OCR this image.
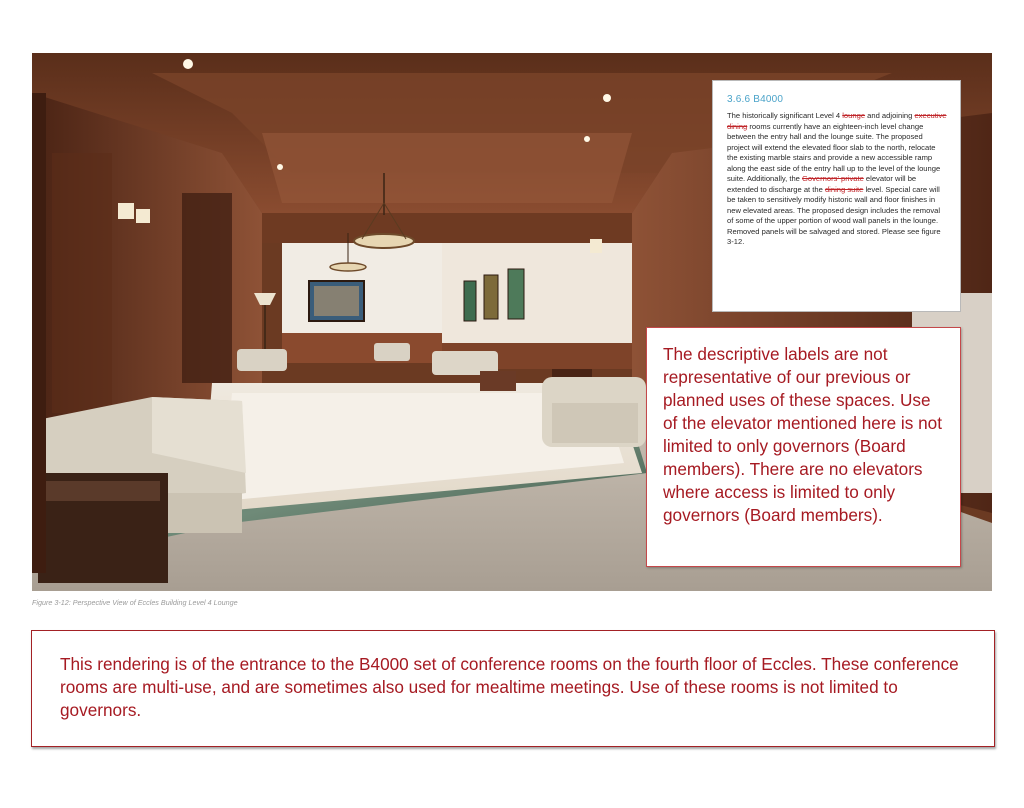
3.6.6 B4000

The historically significant Level 4 lounge and adjoining executive dining rooms currently have an eighteen-inch level change between the entry hall and the lounge suite. The proposed project will extend the elevated floor slab to the north, relocate the existing marble stairs and provide a new accessible ramp along the east side of the entry hall up to the level of the lounge suite. Additionally, the Governors' private elevator will be extended to discharge at the dining suite level. Special care will be taken to sensitively modify historic wall and floor finishes in new elevated areas. The proposed design includes the removal of some of the upper portion of wood wall panels in the lounge. Removed panels will be salvaged and stored. Please see figure 3-12.

The descriptive labels are not representative of our previous or planned uses of these spaces. Use of the elevator mentioned here is not limited to only governors (Board members). There are no elevators where access is limited to only governors (Board members).

Figure 3-12: Perspective View of Eccles Building Level 4 Lounge

This rendering is of the entrance to the B4000 set of conference rooms on the fourth floor of Eccles. These conference rooms are multi-use, and are sometimes also used for mealtime meetings. Use of these rooms is not limited to governors.
